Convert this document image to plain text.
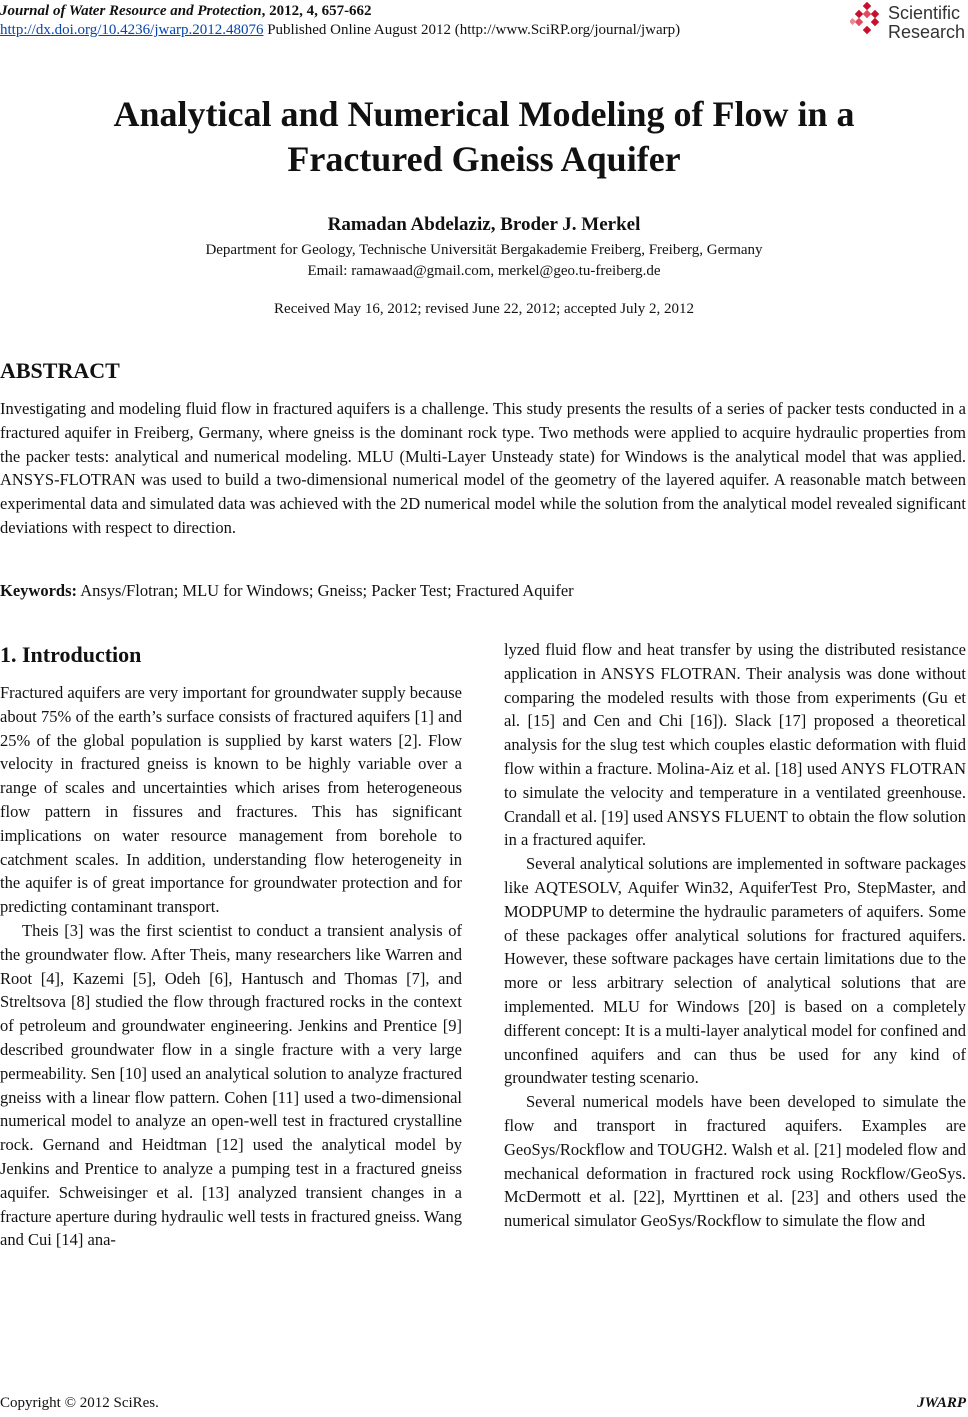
Journal of Water Resource and Protection, 2012, 4, 657-662
http://dx.doi.org/10.4236/jwarp.2012.48076 Published Online August 2012 (http://www.SciRP.org/journal/jwarp)
Scientific
Research
Analytical and Numerical Modeling of Flow in a
Fractured Gneiss Aquifer
Ramadan Abdelaziz, Broder J. Merkel
Department for Geology, Technische Universität Bergakademie Freiberg, Freiberg, Germany
Email: ramawaad@gmail.com, merkel@geo.tu-freiberg.de
Received May 16, 2012; revised June 22, 2012; accepted July 2, 2012
ABSTRACT

Investigating and modeling fluid flow in fractured aquifers is a challenge. This study presents the results of a series of packer tests conducted in a fractured aquifer in Freiberg, Germany, where gneiss is the dominant rock type. Two methods were applied to acquire hydraulic properties from the packer tests: analytical and numerical modeling. MLU (Multi-Layer Unsteady state) for Windows is the analytical model that was applied. ANSYS-FLOTRAN was used to build a two-dimensional numerical model of the geometry of the layered aquifer. A reasonable match between experimental data and simulated data was achieved with the 2D numerical model while the solution from the analytical model revealed significant deviations with respect to direction.

Keywords: Ansys/Flotran; MLU for Windows; Gneiss; Packer Test; Fractured Aquifer

1. Introduction

Fractured aquifers are very important for groundwater supply because about 75% of the earth’s surface consists of fractured aquifers [1] and 25% of the global population is supplied by karst waters [2]. Flow velocity in fractured gneiss is known to be highly variable over a range of scales and uncertainties which arises from heterogeneous flow pattern in fissures and fractures. This has significant implications on water resource management from borehole to catchment scales. In addition, understanding flow heterogeneity in the aquifer is of great importance for groundwater protection and for predicting contaminant transport.

Theis [3] was the first scientist to conduct a transient analysis of the groundwater flow. After Theis, many researchers like Warren and Root [4], Kazemi [5], Odeh [6], Hantusch and Thomas [7], and Streltsova [8] studied the flow through fractured rocks in the context of petroleum and groundwater engineering. Jenkins and Prentice [9] described groundwater flow in a single fracture with a very large permeability. Sen [10] used an analytical solution to analyze fractured gneiss with a linear flow pattern. Cohen [11] used a two-dimensional numerical model to analyze an open-well test in fractured crystalline rock. Gernand and Heidtman [12] used the analytical model by Jenkins and Prentice to analyze a pumping test in a fractured gneiss aquifer. Schweisinger et al. [13] analyzed transient changes in a fracture aperture during hydraulic well tests in fractured gneiss. Wang and Cui [14] ana-

lyzed fluid flow and heat transfer by using the distributed resistance application in ANSYS FLOTRAN. Their analysis was done without comparing the modeled results with those from experiments (Gu et al. [15] and Cen and Chi [16]). Slack [17] proposed a theoretical analysis for the slug test which couples elastic deformation with fluid flow within a fracture. Molina-Aiz et al. [18] used ANYS FLOTRAN to simulate the velocity and temperature in a ventilated greenhouse. Crandall et al. [19] used ANSYS FLUENT to obtain the flow solution in a fractured aquifer.

Several analytical solutions are implemented in software packages like AQTESOLV, Aquifer Win32, AquiferTest Pro, StepMaster, and MODPUMP to determine the hydraulic parameters of aquifers. Some of these packages offer analytical solutions for fractured aquifers. However, these software packages have certain limitations due to the more or less arbitrary selection of analytical solutions that are implemented. MLU for Windows [20] is based on a completely different concept: It is a multi-layer analytical model for confined and unconfined aquifers and can thus be used for any kind of groundwater testing scenario.

Several numerical models have been developed to simulate the flow and transport in fractured aquifers. Examples are GeoSys/Rockflow and TOUGH2. Walsh et al. [21] modeled flow and mechanical deformation in fractured rock using Rockflow/GeoSys. McDermott et al. [22], Myrttinen et al. [23] and others used the numerical simulator GeoSys/Rockflow to simulate the flow and

Copyright © 2012 SciRes.	JWARP
